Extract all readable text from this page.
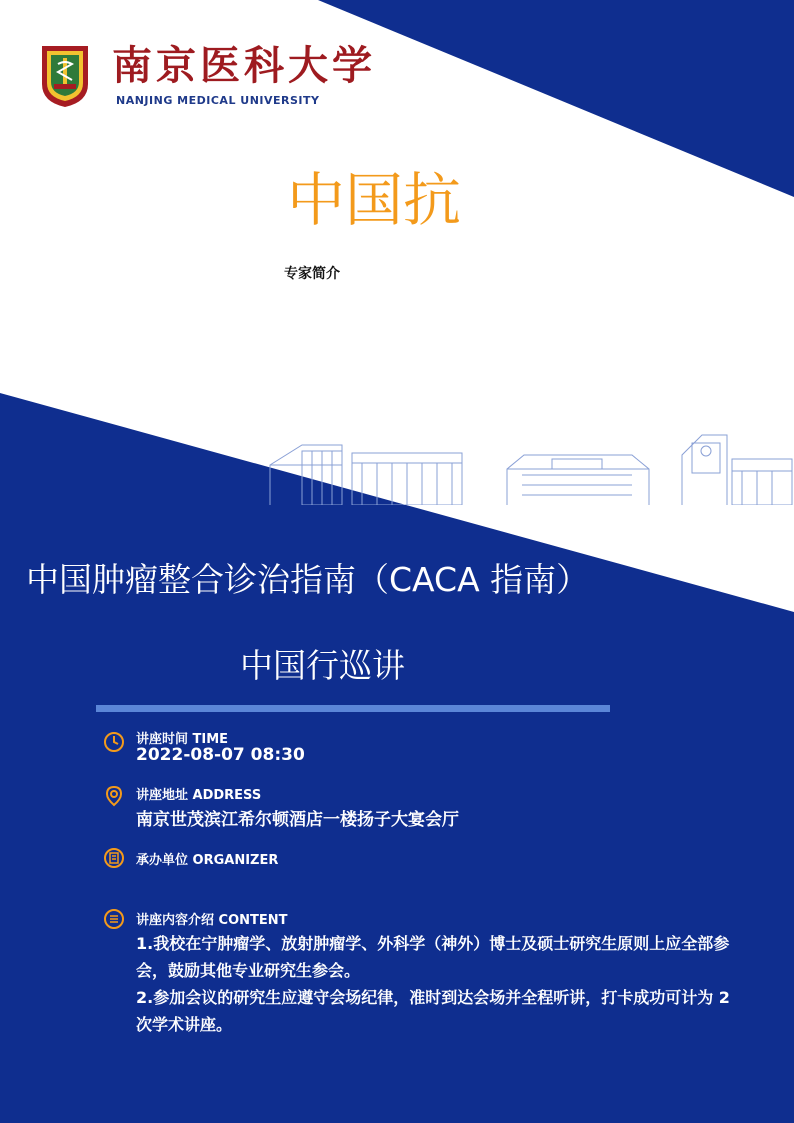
南京医科大学
NANJING MEDICAL UNIVERSITY
中国抗
专家简介
中国肿瘤整合诊治指南（CACA 指南）
中国行巡讲
讲座时间 TIME
2022-08-07 08:30
讲座地址 ADDRESS
南京世茂滨江希尔顿酒店一楼扬子大宴会厅
承办单位 ORGANIZER
讲座内容介绍 CONTENT
1.我校在宁肿瘤学、放射肿瘤学、外科学（神外）博士及硕士研究生原则上应全部参会，鼓励其他专业研究生参会。
2.参加会议的研究生应遵守会场纪律，准时到达会场并全程听讲，打卡成功可计为 2 次学术讲座。
